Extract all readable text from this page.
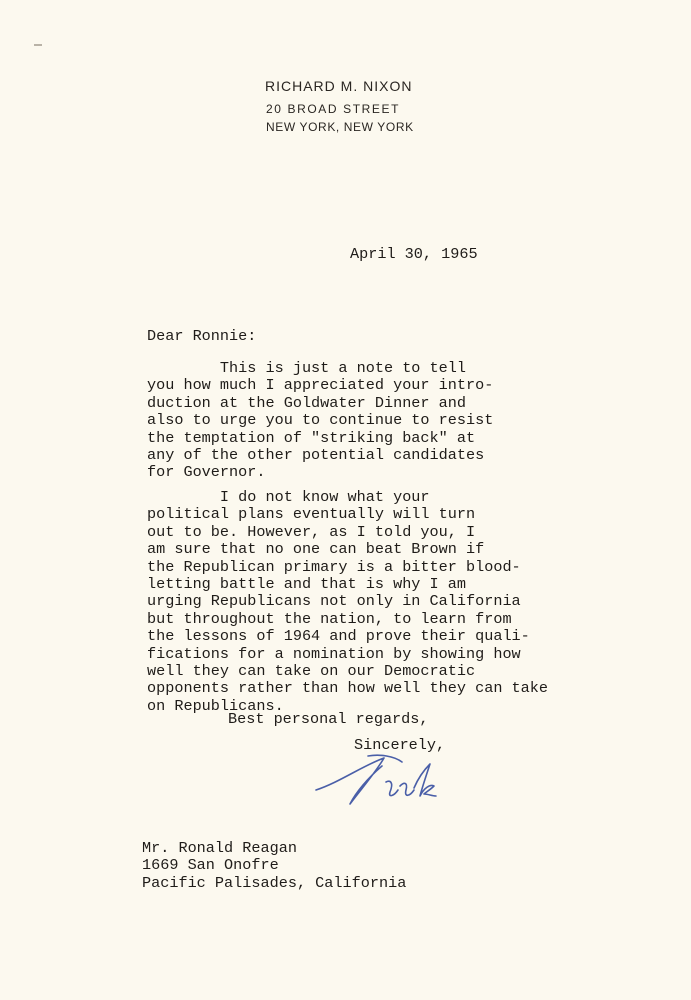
RICHARD M. NIXON
20 BROAD STREET
NEW YORK, NEW YORK
April 30, 1965
Dear Ronnie:
This is just a note to tell
you how much I appreciated your intro-
duction at the Goldwater Dinner and
also to urge you to continue to resist
the temptation of "striking back" at
any of the other potential candidates
for Governor.
I do not know what your
political plans eventually will turn
out to be. However, as I told you, I
am sure that no one can beat Brown if
the Republican primary is a bitter blood-
letting battle and that is why I am
urging Republicans not only in California
but throughout the nation, to learn from
the lessons of 1964 and prove their quali-
fications for a nomination by showing how
well they can take on our Democratic
opponents rather than how well they can take
on Republicans.
Best personal regards,
Sincerely,
Mr. Ronald Reagan
1669 San Onofre
Pacific Palisades, California
